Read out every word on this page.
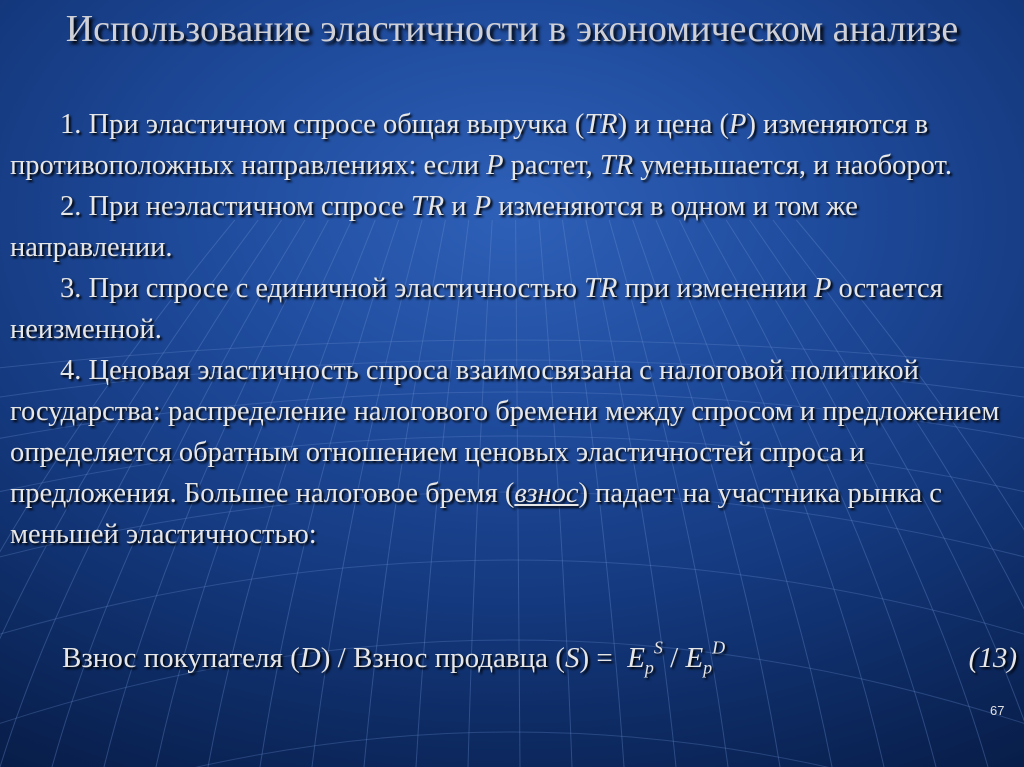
Использование эластичности в экономическом анализе

1. При эластичном спросе общая выручка (TR) и цена (P) изменяются в противоположных направлениях: если P растет, TR уменьшается, и наоборот.

2. При неэластичном спросе TR и P изменяются в одном и том же направлении.

3. При спросе с единичной эластичностью TR при изменении P остается неизменной.

4. Ценовая эластичность спроса взаимосвязана с налоговой политикой государства: распределение налогового бремени между спросом и предложением определяется обратным отношением ценовых эластичностей спроса и предложения. Большее налоговое бремя (взнос) падает на участника рынка с меньшей эластичностью:

Взнос покупателя (D) / Взнос продавца $(S) = E_p^S / E_p^D$	(13)
67
